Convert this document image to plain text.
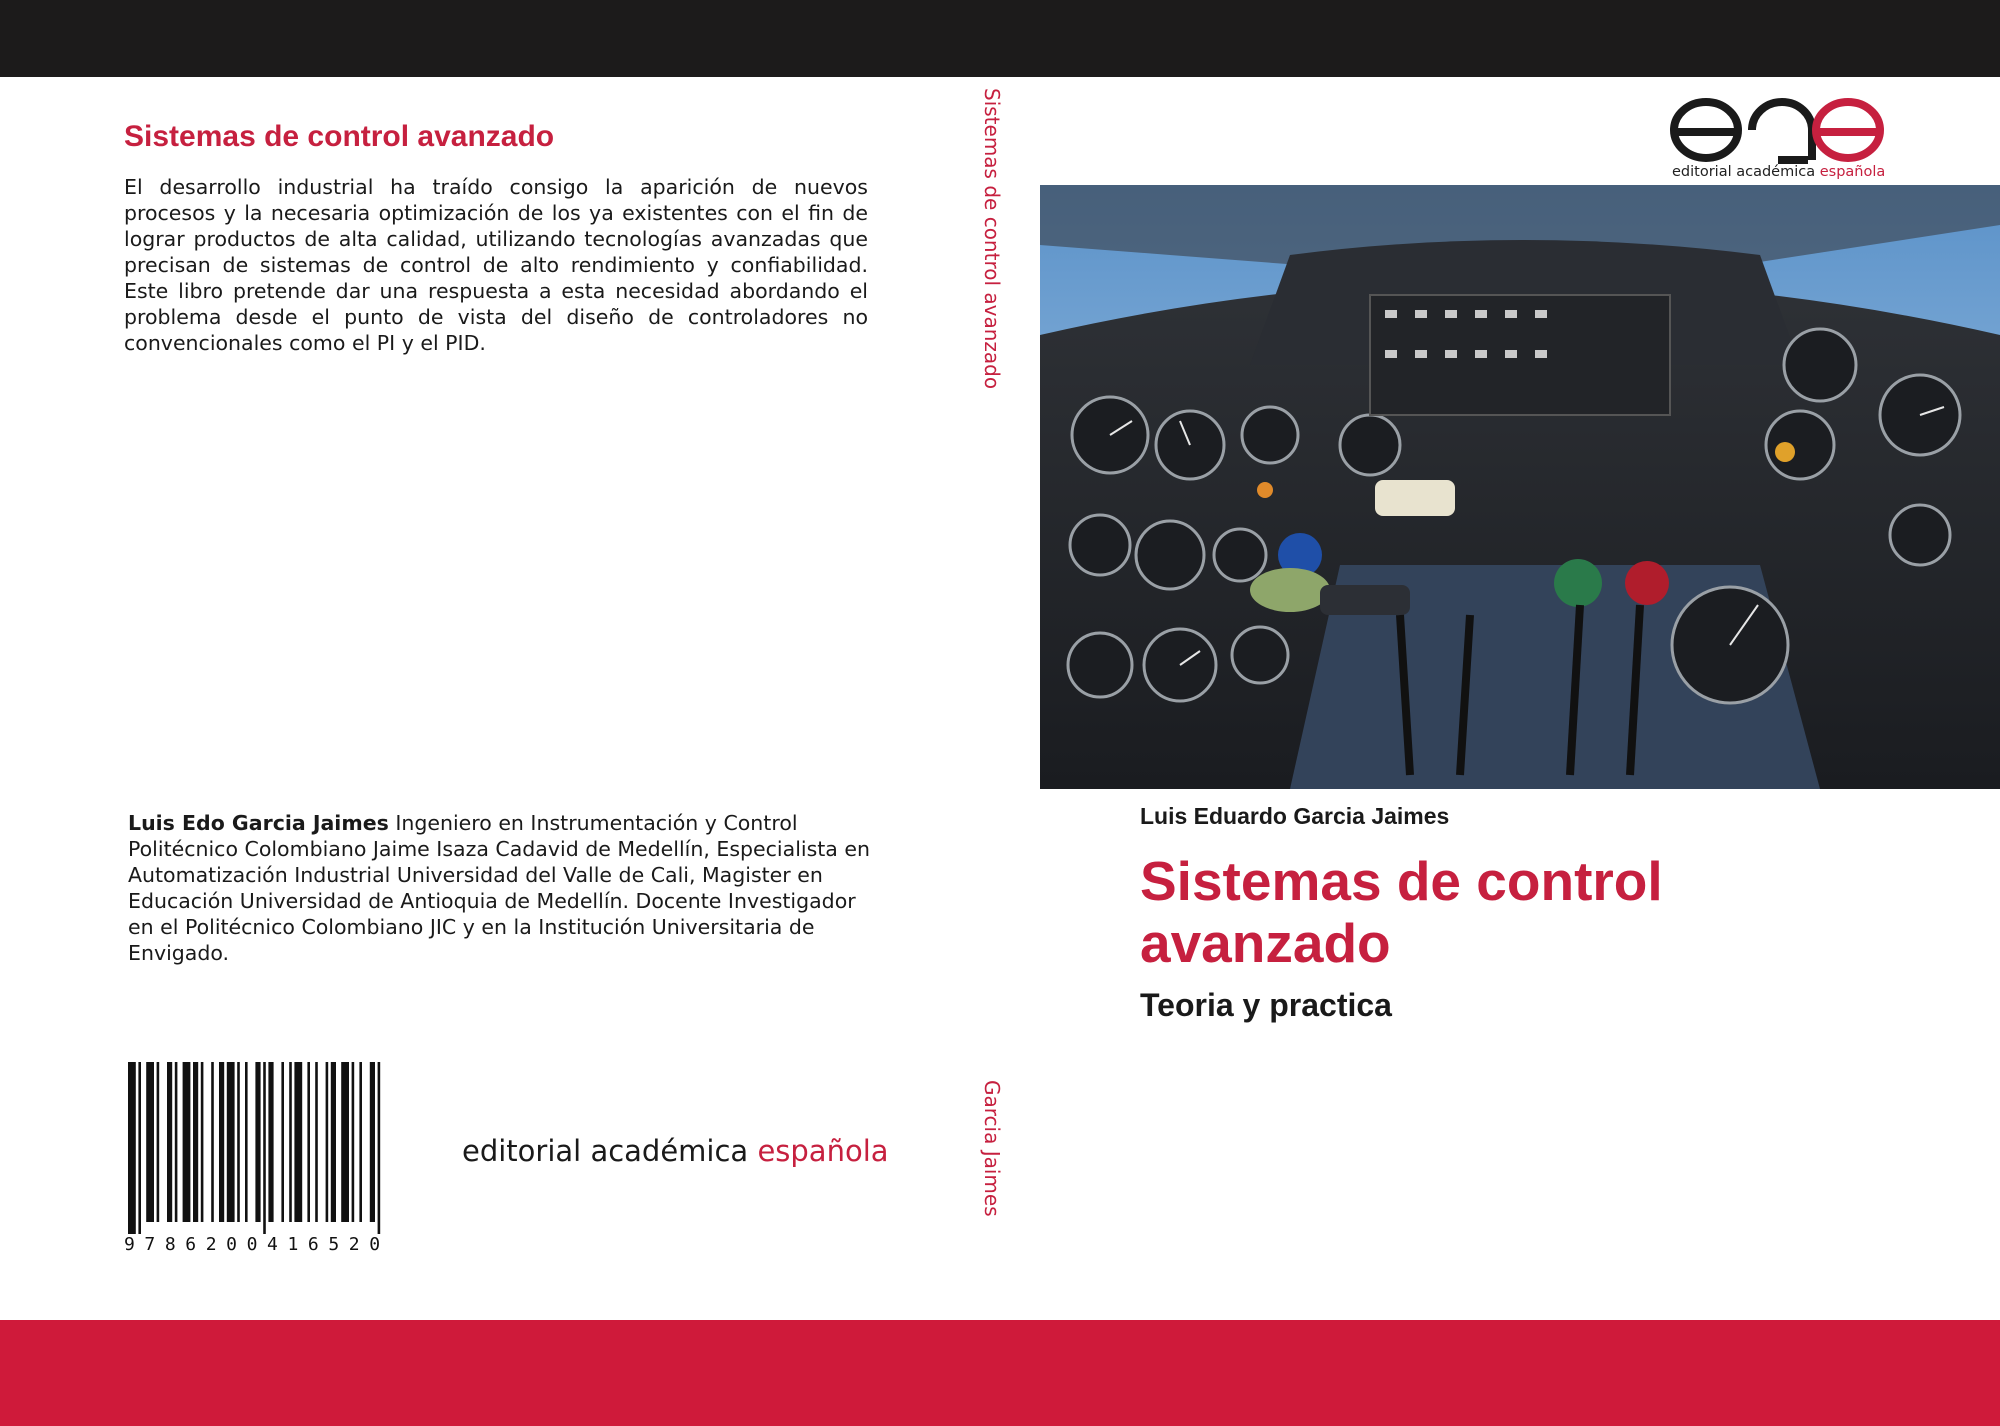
Sistemas de control avanzado

El desarrollo industrial ha traído consigo la aparición de nuevos procesos y la necesaria optimización de los ya existentes con el fin de lograr productos de alta calidad, utilizando tecnologías avanzadas que precisan de sistemas de control de alto rendimiento y confiabilidad. Este libro pretende dar una respuesta a esta necesidad abordando el problema desde el punto de vista del diseño de controladores no convencionales como el PI y el PID.

Luis Edo Garcia Jaimes Ingeniero en Instrumentación y Control Politécnico Colombiano Jaime Isaza Cadavid de Medellín, Especialista en Automatización Industrial Universidad del Valle de Cali, Magister en Educación Universidad de Antioquia de Medellín. Docente Investigador en el Politécnico Colombiano JIC y en la Institución Universitaria de Envigado.

9786200416520

editorial académica española

Sistemas de control avanzado
Garcia Jaimes

editorial académica española

Luis Eduardo Garcia Jaimes

Sistemas de control avanzado

Teoria y practica
